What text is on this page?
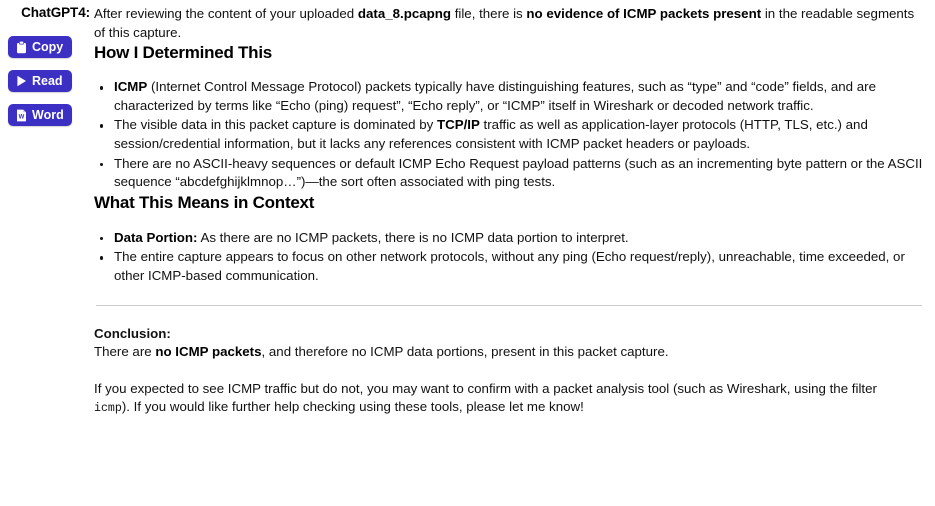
ChatGPT4:
Copy
Read
W Word

After reviewing the content of your uploaded data_8.pcapng file, there is no evidence of ICMP packets present in the readable segments of this capture.

How I Determined This
ICMP (Internet Control Message Protocol) packets typically have distinguishing features, such as “type” and “code” fields, and are characterized by terms like “Echo (ping) request”, “Echo reply”, or “ICMP” itself in Wireshark or decoded network traffic.
The visible data in this packet capture is dominated by TCP/IP traffic as well as application-layer protocols (HTTP, TLS, etc.) and session/credential information, but it lacks any references consistent with ICMP packet headers or payloads.
There are no ASCII-heavy sequences or default ICMP Echo Request payload patterns (such as an incrementing byte pattern or the ASCII sequence “abcdefghijklmnop…”)—the sort often associated with ping tests.
What This Means in Context
Data Portion: As there are no ICMP packets, there is no ICMP data portion to interpret.
The entire capture appears to focus on other network protocols, without any ping (Echo request/reply), unreachable, time exceeded, or other ICMP-based communication.

Conclusion:
There are no ICMP packets, and therefore no ICMP data portions, present in this packet capture.

If you expected to see ICMP traffic but do not, you may want to confirm with a packet analysis tool (such as Wireshark, using the filter icmp). If you would like further help checking using these tools, please let me know!
